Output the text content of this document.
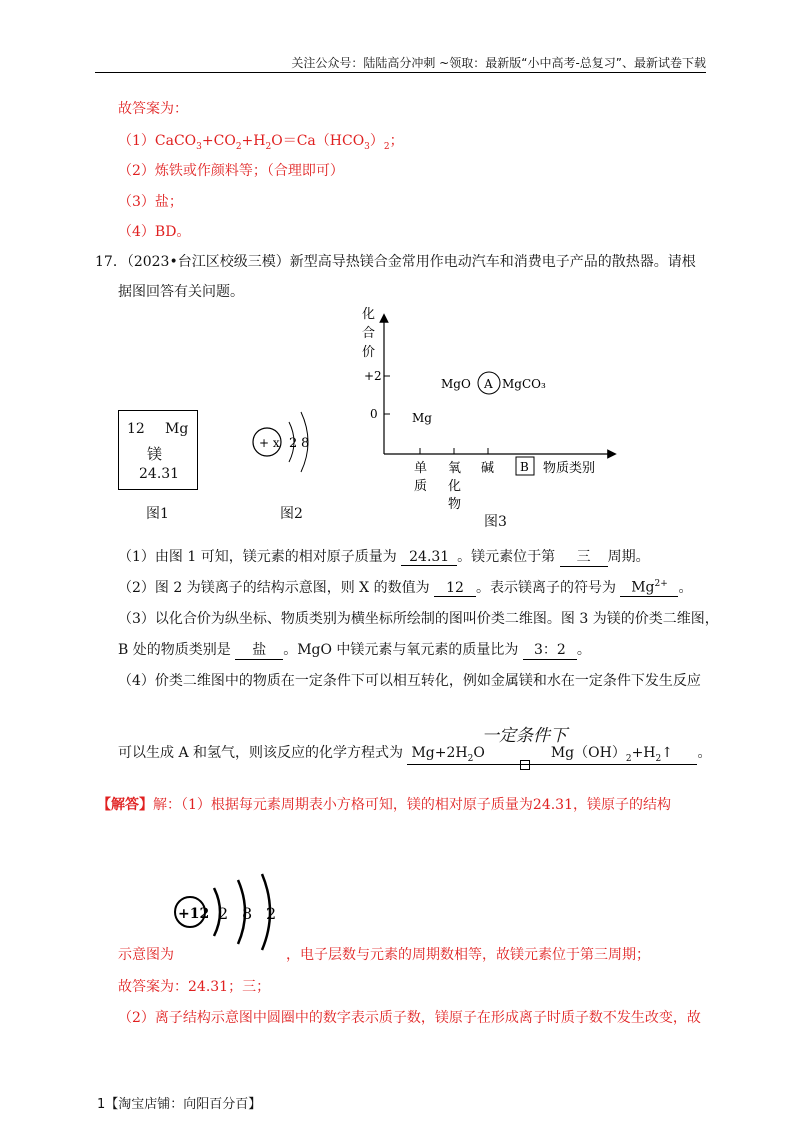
关注公众号：陆陆高分冲刺 ~领取：最新版“小中高考-总复习”、最新试卷下载
故答案为：
$(1)CaCO_3+CO_2+H_2O=Ca(HCO_3)_2$；
（2）炼铁或作颜料等；（合理即可）
（3）盐；
（4）BD。
17．（2023•台江区校级三模）新型高导热镁合金常用作电动汽车和消费电子产品的散热器。请根
据图回答有关问题。
12 Mg
镁
24.31
图1
+ x 2 8
图2
化
合
价
+2
0
MgO A MgCO₃
Mg
单
质
氧
化
物
碱 B 物质类别
图3
（1）由图 1 可知，镁元素的相对原子质量为 24.31 。镁元素位于第 三 周期。
（2）图 2 为镁离子的结构示意图，则 X 的数值为 12 。表示镁离子的符号为 $Mg^{2+}$ 。
（3）以化合价为纵坐标、物质类别为横坐标所绘制的图叫价类二维图。图 3 为镁的价类二维图，
B 处的物质类别是 盐 。MgO 中镁元素与氧元素的质量比为 3：2 。
（4）价类二维图中的物质在一定条件下可以相互转化，例如金属镁和水在一定条件下发生反应
一定条件下
可以生成 A 和氢气，则该反应的化学方程式为 $Mg+2H_2O$	$Mg(OH)_2+H_2↑$ 。
【解答】解：（1）根据每元素周期表小方格可知，镁的相对原子质量为24.31，镁原子的结构
+12 2 8 2
示意图为	，电子层数与元素的周期数相等，故镁元素位于第三周期；
故答案为：24.31；三；
（2）离子结构示意图中圆圈中的数字表示质子数，镁原子在形成离子时质子数不发生改变，故
1【淘宝店铺：向阳百分百】
